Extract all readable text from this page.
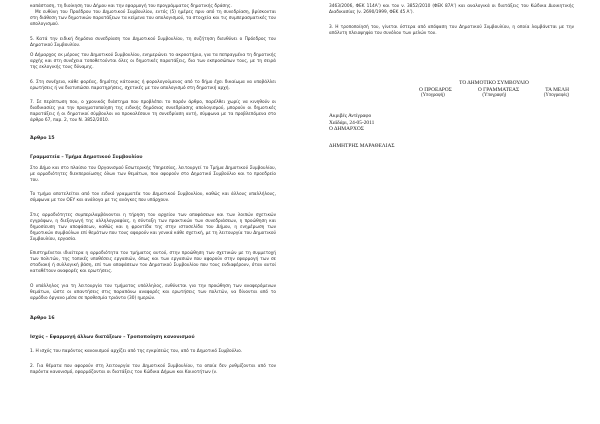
καπάσταση, τη διοίκηση του Δήμου και την εφαρμογή του προγράμματος δημοτικής δράσης.

Με ευθύνη του Προέδρου του Δημοτικού Συμβουλίου, εντός (5) ημέρες πριν από τη συνεδρίαση, βρίσκονται στη διάθεση των δημοτικών παρατάξεων τα κείμενα του απολογισμού, τα στοιχεία και τις συμπερασματικές του απολογισμού.

5. Κατά την ειδική δημόσια συνεδρίαση του Δημοτικού Συμβουλίου, τη συζήτηση διευθύνει ο Πρόεδρος του Δημοτικού Συμβουλίου.

Ο Δήμαρχος εκ μέρους του Δημοτικού Συμβουλίου, ενημερώνει το ακροατήριο, για τα πεπραγμένα τη δημοτικής αρχής και στη συνέχεια τοποθετούνται όλες οι δημοτικές παρατάξεις, δια των εκπροσώπων τους, με τη σειρά της εκλογικής τους δύναμης.

6. Στη συνέχεια, κάθε φορέας, δημότης κάτοικος ή φορολογούμενος από το δήμο έχει δικαίωμα να υποβάλλει ερωτήσεις ή να διατυπώσει παρατηρήσεις, σχετικές με τον απολογισμό στη δημοτική αρχή.

7. Σε περίπτωση που, ο χρονικός διάστημα που προβλέπει το παρόν άρθρο, παρέλθει χωρίς να κινηθούν οι διαδικασίες για την πραγματοποίηση της ειδικής δημόσιας συνεδρίασης απολογισμού, μπορούν οι δημοτικές παρατάξεις ή οι δημοτικοί σύμβουλοι να προκαλέσουν τη συνεδρίαση αυτή, σύμφωνα με τα προβλεπόμενα στο άρθρο 67, παρ. 2, του Ν. 3852/2010.

Άρθρο 15
Γραμματεία – Τμήμα Δημοτικού Συμβουλίου

Στο Δήμο και στο πλαίσιο του Οργανισμού Εσωτερικής Υπηρεσίας, λειτουργεί το Τμήμα Δημοτικού Συμβουλίου, με αρμοδιότητες διεκπεραίωσης όλων των θεμάτων, που αφορούν στο Δημοτικό Συμβούλιο και το προεδρείο του.

Το τμήμα αποτελείται από τον ειδικό γραμματέα του Δημοτικού Συμβουλίου, καθώς και άλλους υπαλλήλους, σύμφωνα με τον ΟΕΥ και ανάλογα με τις ανάγκες που υπάρχουν.

Στις αρμοδιότητες συμπεριλαμβάνονται η τήρηση του αρχείου των αποφάσεων και των λοιπών σχετικών εγγράφων, η διεξαγωγή της αλληλογραφίας, η σύνταξη των πρακτικών των συνεδριάσεων, η προώθηση και δημοσίευση των αποφάσεων, καθώς και η φροντίδα της στην ιστοσελίδα του Δήμου, η ενημέρωση των δημοτικών συμβούλων επί θεμάτων που τους αφορούν και γενικά κάθε σχετική, με τη λειτουργία του Δημοτικού Συμβουλίου, εργασία.

Επιστημένεται ιδιαίτερα η αρμοδιότητα του τμήματος αυτού, στην προώθηση των σχετικών με τη συμμετοχή των πολιτών, της τοπικές υποθέσεις εργασιών, όπως και των εργασιών που αφορούν στην εφαρμογή των σε σταδιακή ή συλλογική βάση, επί των αποφάσεων του Δημοτικού Συμβουλίου που τους ενδιαφέρουν, όταν αυτοί καταθέτουν αναφορές και ερωτήσεις.

Ο υπάλληλος για τη λειτουργία του τμήματος υπάλληλος, ευθύνεται για την προώθηση των αναφερόμενων θεμάτων, ώστε οι απαντήσεις στις παραπάνω αναφορές και ερωτήσεις των πολιτών, να δίνονται από το αρμόδιο όργανο μέσα σε προθεσμία τριάντα (30) ημερών.

Άρθρο 16
Ισχύς – Εφαρμογή άλλων διατάξεων – Τροποποίηση κανονισμού

1. Η ισχύς του παρόντος κανονισμού αρχίζει από της εγκρίσεώς του, από το Δημοτικό Συμβούλιο.

2. Για θέματα που αφορούν στη λειτουργία του Δημοτικού Συμβουλίου, τα οποία δεν ρυθμίζονται από τον παρόντα κανονισμό, εφαρμόζονται οι διατάξεις του Κώδικα Δήμων και Κοινοτήτων (ν.

3463/2006, ΦΕΚ 114Α’) και του ν. 3852/2010 (ΦΕΚ 87Α’) και αναλογικά οι διατάξεις του Κώδικα Διοικητικής Διαδικασίας (ν. 2690/1999, ΦΕΚ 45 Α’).

3. Η τροποποίησή του, γίνεται ύστερα από απόφαση του Δημοτικού Συμβουλίου, η οποία λαμβάνεται με την απόλυτη πλειοψηφία του συνόλου των μελών του.

ΤΟ ΔΗΜΟΤΙΚΟ ΣΥΜΒΟΥΛΙΟ
Ο ΠΡΟΕΔΡΟΣ	Ο ΓΡΑΜΜΑΤΕΑΣ	ΤΑ ΜΕΛΗ
(Υπογραφή)	(Υπογραφή)	(Υπογραφές)
Ακριβές Αντίγραφο
Χαϊδάρι, 24-05-2011
Ο ΔΗΜΑΡΧΟΣ
ΔΗΜΗΤΡΗΣ ΜΑΡΑΘΕΛΙΑΣ
